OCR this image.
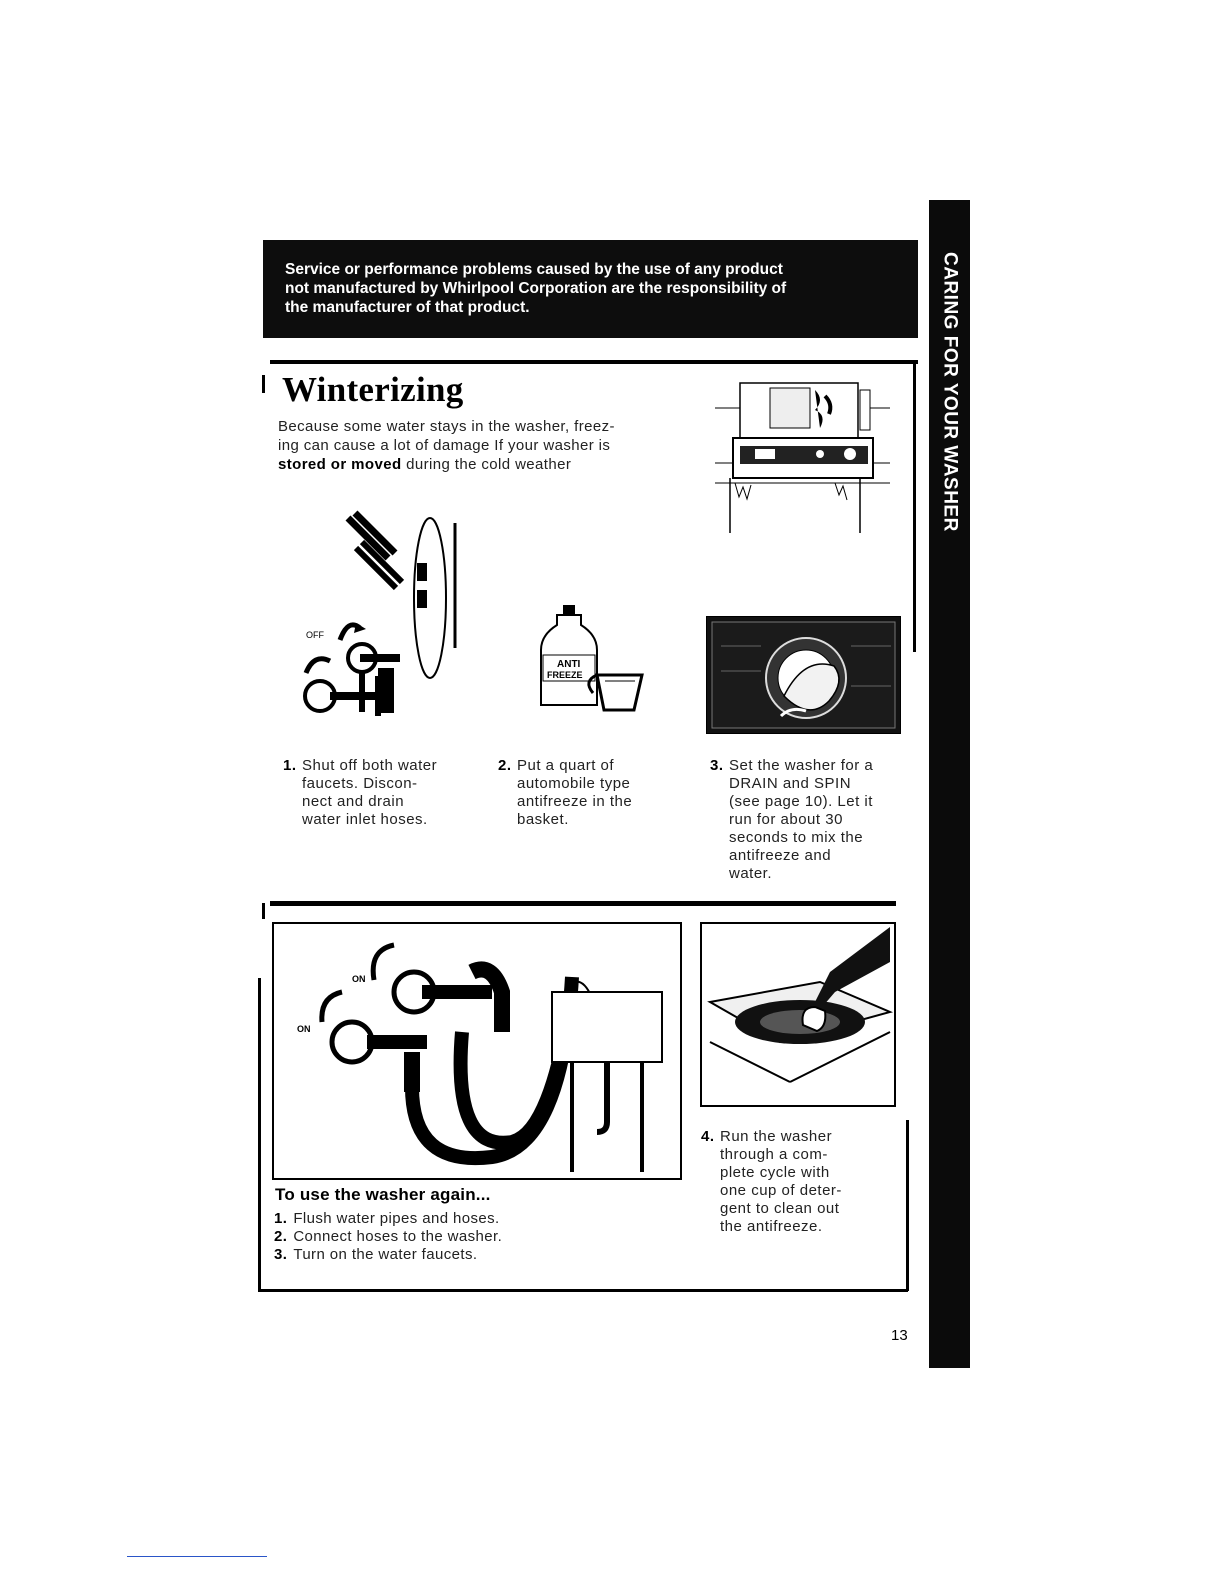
Service or performance problems caused by the use of any product
not manufactured by Whirlpool Corporation are the responsibility of
the manufacturer of that product.	CARING FOR YOUR WASHER
Winterizing
Because some water stays in the washer, freez-
ing can cause a lot of damage If your washer is
stored or moved during the cold weather
OFF
ANTI
FREEZE
1. Shut off both water
faucets. Discon-
nect and drain
water inlet hoses.
2. Put a quart of
automobile type
antifreeze in the
basket.
3. Set the washer for a
DRAIN and SPIN
(see page 10). Let it
run for about 30
seconds to mix the
antifreeze and
water.
ON
ON
4. Run the washer
through a com-
plete cycle with
one cup of deter-
gent to clean out
the antifreeze.
To use the washer again...
1. Flush water pipes and hoses.
2. Connect hoses to the washer.
3. Turn on the water faucets.
13
